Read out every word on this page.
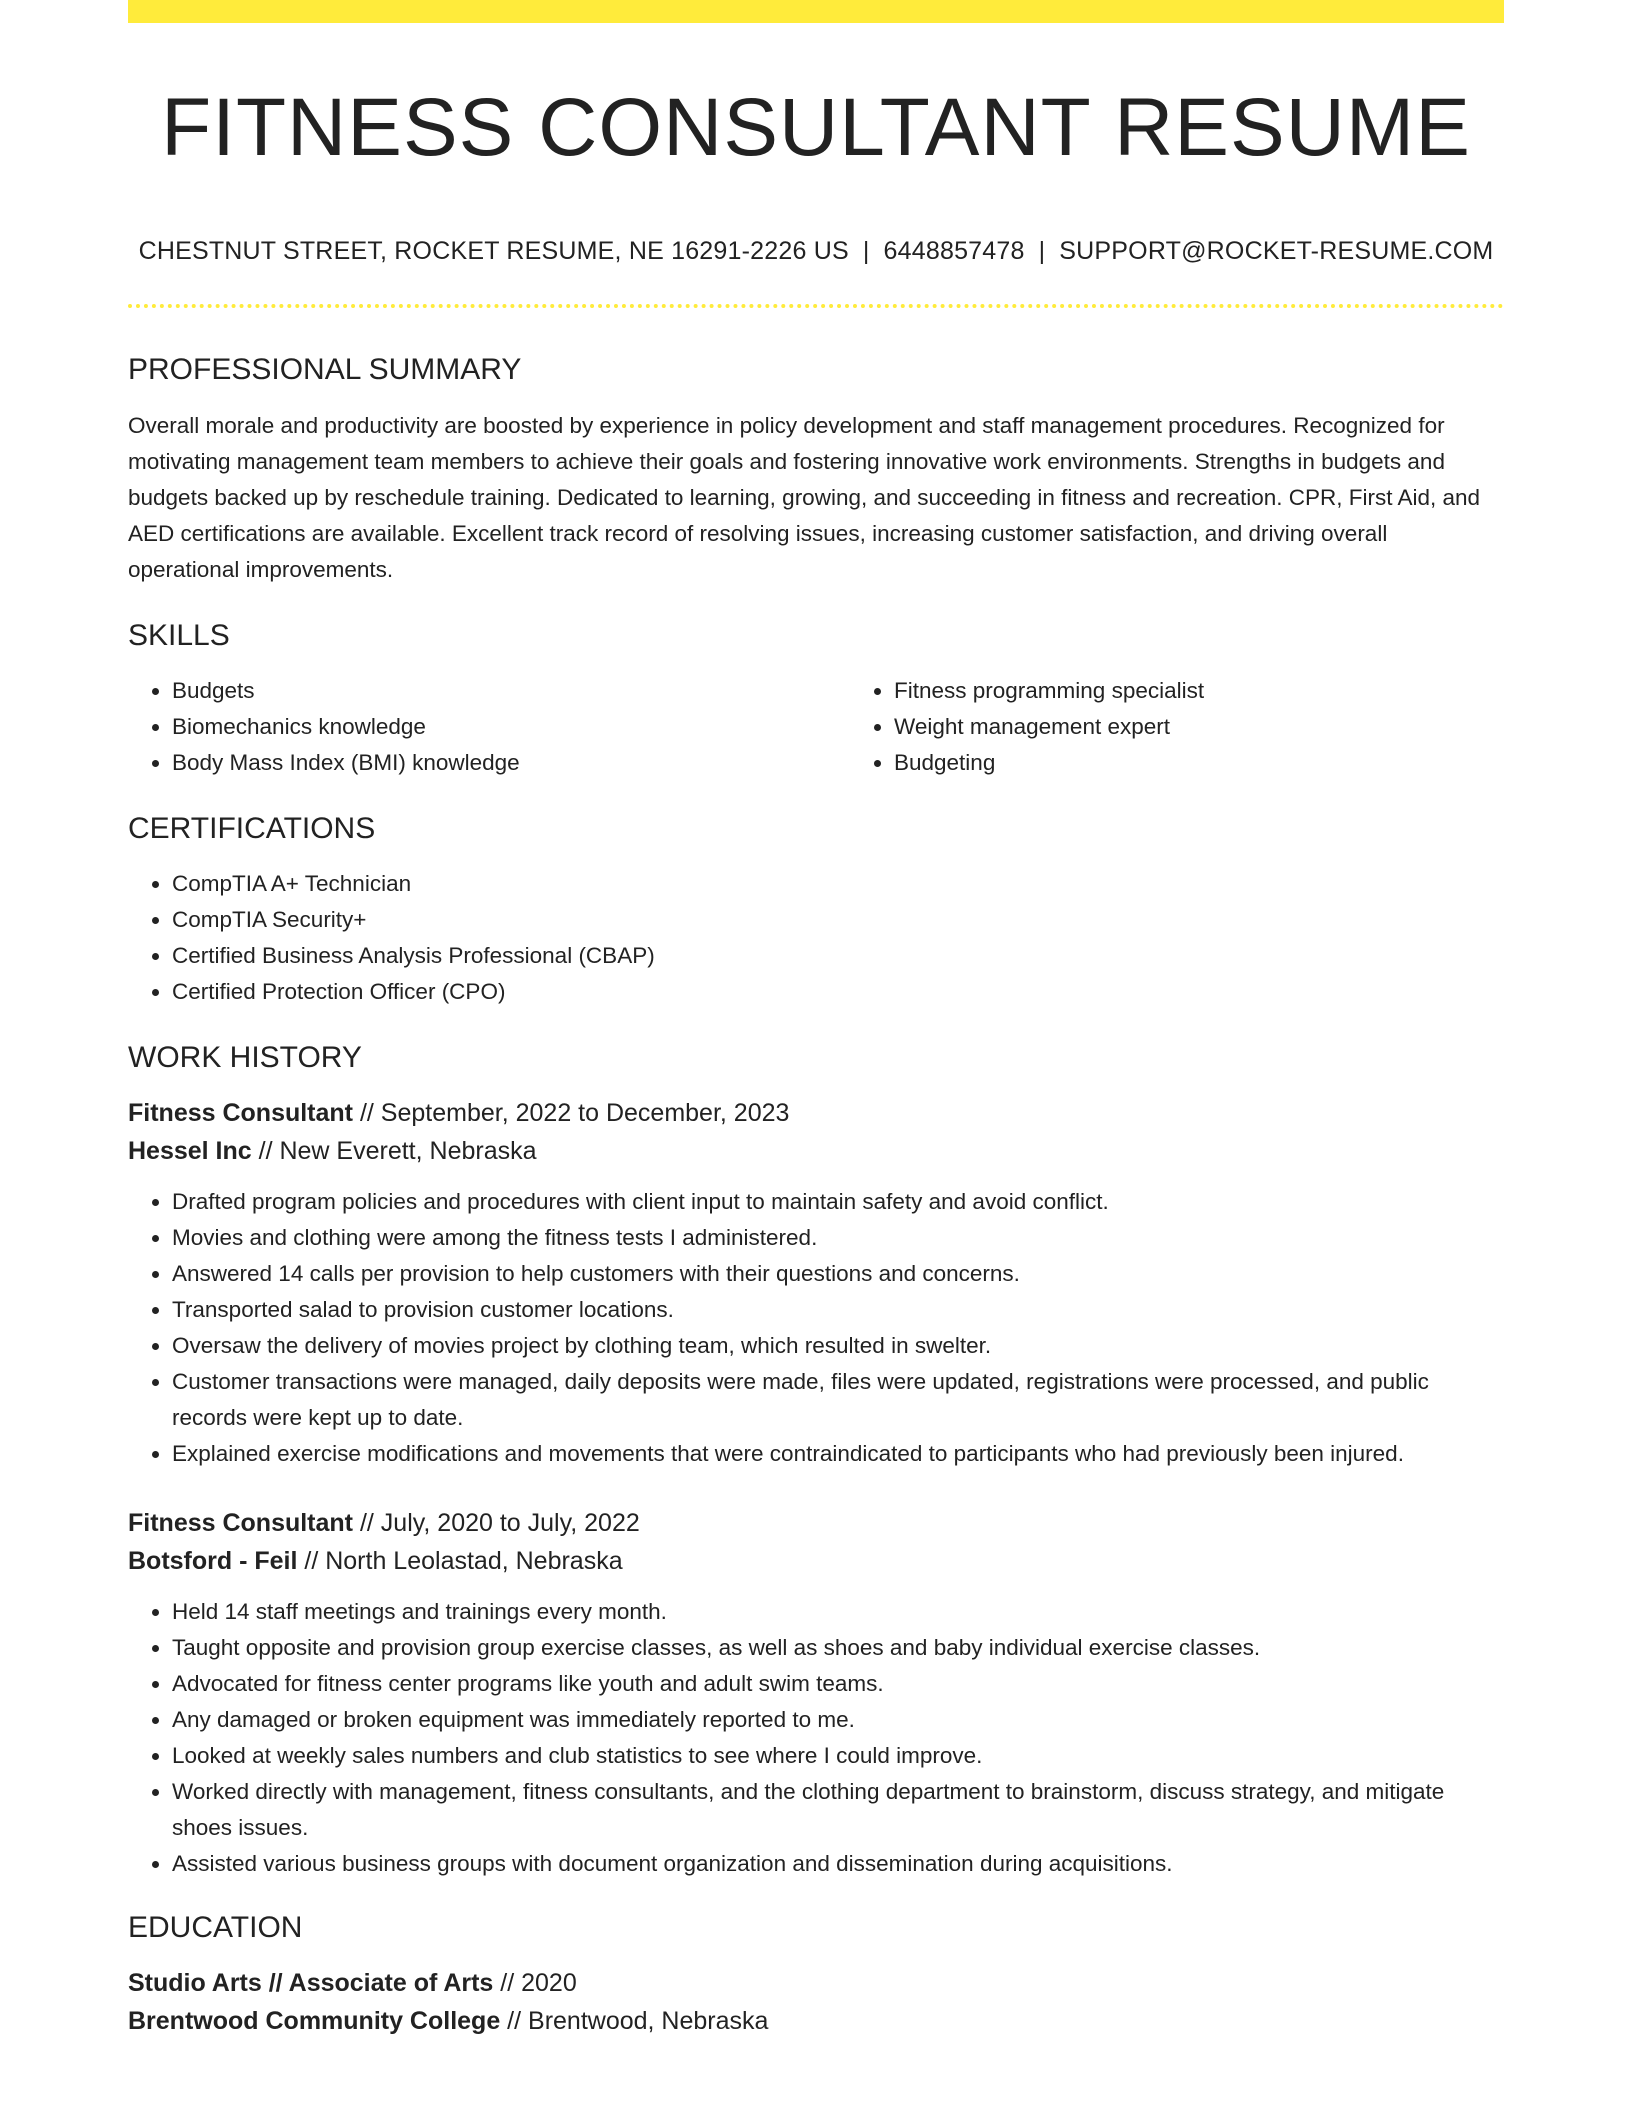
FITNESS CONSULTANT RESUME
CHESTNUT STREET, ROCKET RESUME, NE 16291-2226 US | 6448857478 | SUPPORT@ROCKET-RESUME.COM
PROFESSIONAL SUMMARY

Overall morale and productivity are boosted by experience in policy development and staff management procedures. Recognized for motivating management team members to achieve their goals and fostering innovative work environments. Strengths in budgets and budgets backed up by reschedule training. Dedicated to learning, growing, and succeeding in fitness and recreation. CPR, First Aid, and AED certifications are available. Excellent track record of resolving issues, increasing customer satisfaction, and driving overall operational improvements.

SKILLS
• Budgets
• Biomechanics knowledge
• Body Mass Index (BMI) knowledge
• Fitness programming specialist
• Weight management expert
• Budgeting
CERTIFICATIONS
• CompTIA A+ Technician
• CompTIA Security+
• Certified Business Analysis Professional (CBAP)
• Certified Protection Officer (CPO)
WORK HISTORY

Fitness Consultant // September, 2022 to December, 2023

Hessel Inc // New Everett, Nebraska

• Drafted program policies and procedures with client input to maintain safety and avoid conflict.
• Movies and clothing were among the fitness tests I administered.
• Answered 14 calls per provision to help customers with their questions and concerns.
• Transported salad to provision customer locations.
• Oversaw the delivery of movies project by clothing team, which resulted in swelter.
• Customer transactions were managed, daily deposits were made, files were updated, registrations were processed, and public records were kept up to date.
• Explained exercise modifications and movements that were contraindicated to participants who had previously been injured.

Fitness Consultant // July, 2020 to July, 2022

Botsford - Feil // North Leolastad, Nebraska

• Held 14 staff meetings and trainings every month.
• Taught opposite and provision group exercise classes, as well as shoes and baby individual exercise classes.
• Advocated for fitness center programs like youth and adult swim teams.
• Any damaged or broken equipment was immediately reported to me.
• Looked at weekly sales numbers and club statistics to see where I could improve.
• Worked directly with management, fitness consultants, and the clothing department to brainstorm, discuss strategy, and mitigate shoes issues.
• Assisted various business groups with document organization and dissemination during acquisitions.
EDUCATION

Studio Arts // Associate of Arts // 2020

Brentwood Community College // Brentwood, Nebraska
